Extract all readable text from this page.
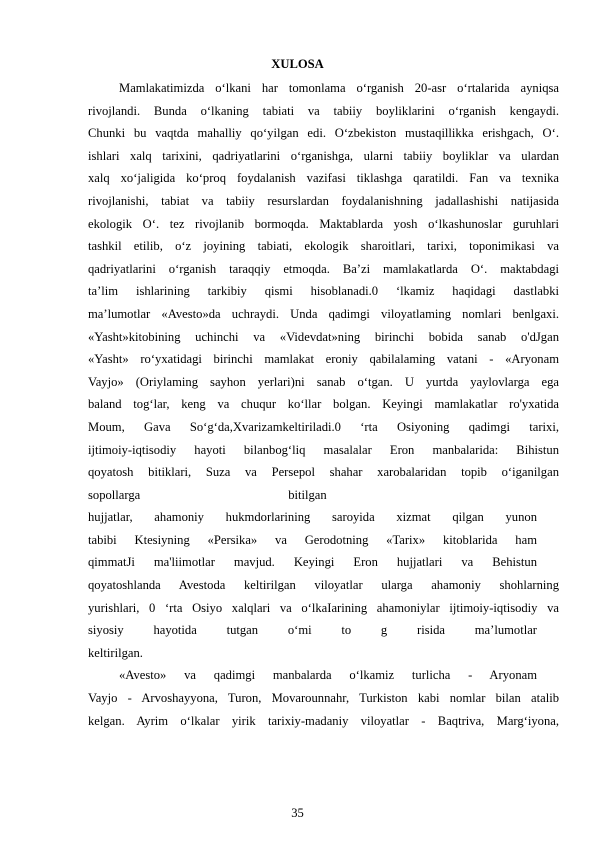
XULOSA
Mamlakatimizda o‘lkani har tomonlama o‘rganish 20-asr o‘rtalarida ayniqsa
rivojlandi. Bunda o‘lkaning tabiati va tabiiy boyliklarini o‘rganish kengaydi.
Chunki bu vaqtda mahalliy qo‘yilgan edi. O‘zbekiston mustaqillikka erishgach, O‘.
ishlari xalq tarixini, qadriyatlarini o‘rganishga, ularni tabiiy boyliklar va ulardan
xalq xo‘jaligida ko‘proq foydalanish vazifasi tiklashga qaratildi. Fan va texnika
rivojlanishi, tabiat va tabiiy resurslardan foydalanishning jadallashishi natijasida
ekologik O‘. tez rivojlanib bormoqda. Maktablarda yosh o‘lkashunoslar guruhlari
tashkil etilib, o‘z joyining tabiati, ekologik sharoitlari, tarixi, toponimikasi va
qadriyatlarini o‘rganish taraqqiy etmoqda. Ba’zi mamlakatlarda O‘. maktabdagi
ta’lim ishlarining tarkibiy qismi hisoblanadi.0 ‘lkamiz haqidagi dastlabki
ma’lumotlar «Avesto»da uchraydi. Unda qadimgi viloyatlaming nomlari benlgaxi.
«Yasht»kitobining uchinchi va «Videvdat»ning birinchi bobida sanab o'dJgan
«Yasht» ro‘yxatidagi birinchi mamlakat eroniy qabilalaming vatani - «Aryonam
Vayjo» (Oriylaming sayhon yerlari)ni sanab o‘tgan. U yurtda yaylovlarga ega
baland tog‘lar, keng va chuqur ko‘llar bolgan. Keyingi mamlakatlar ro'yxatida
Moum, Gava So‘g‘da,Xvarizamkeltiriladi.0 ‘rta Osiyoning qadimgi tarixi,
ijtimoiy-iqtisodiy hayoti bilanbog‘liq masalalar Eron manbalarida: Bihistun
qoyatosh bitiklari, Suza va Persepol shahar xarobalaridan topib o‘iganilgan
sopollarga                                               bitilgan
hujjatlar, ahamoniy hukmdorlarining saroyida xizmat qilgan yunon
tabibi Ktesiyning «Persika» va Gerodotning «Tarix» kitoblarida ham
qimmatJi ma'liimotlar mavjud. Keyingi Eron hujjatlari va Behistun
qoyatoshlanda Avestoda keltirilgan viloyatlar ularga ahamoniy shohlarning
yurishlari, 0 ‘rta Osiyo xalqlari va o‘lkaIarining ahamoniylar ijtimoiy-iqtisodiy va
siyosiy hayotida tutgan o‘mi to g risida ma’lumotlar
keltirilgan.
«Avesto» va qadimgi manbalarda o‘lkamiz turlicha - Aryonam
Vayjo - Arvoshayyona, Turon, Movarounnahr, Turkiston kabi nomlar bilan atalib
kelgan. Ayrim o‘lkalar yirik tarixiy-madaniy viloyatlar - Baqtriva, Marg‘iyona,
35
